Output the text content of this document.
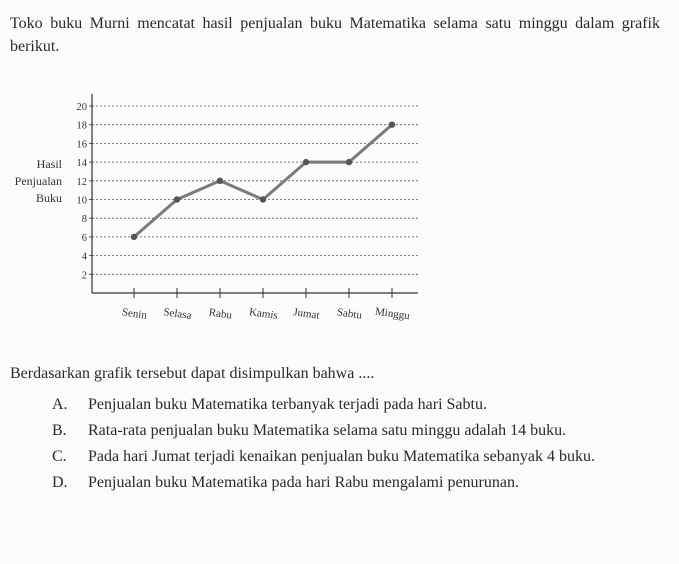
Toko buku Murni mencatat hasil penjualan buku Matematika selama satu minggu dalam grafik berikut.

2
4
6
8
10
12
14
16
18
20
Hasil
Penjualan
Buku
Senin Selasa Rabu Kamis Jumat Sabtu Minggu

Berdasarkan grafik tersebut dapat disimpulkan bahwa ....

A.	Penjualan buku Matematika terbanyak terjadi pada hari Sabtu.
B.	Rata-rata penjualan buku Matematika selama satu minggu adalah 14 buku.
C.	Pada hari Jumat terjadi kenaikan penjualan buku Matematika sebanyak 4 buku.
D.	Penjualan buku Matematika pada hari Rabu mengalami penurunan.
